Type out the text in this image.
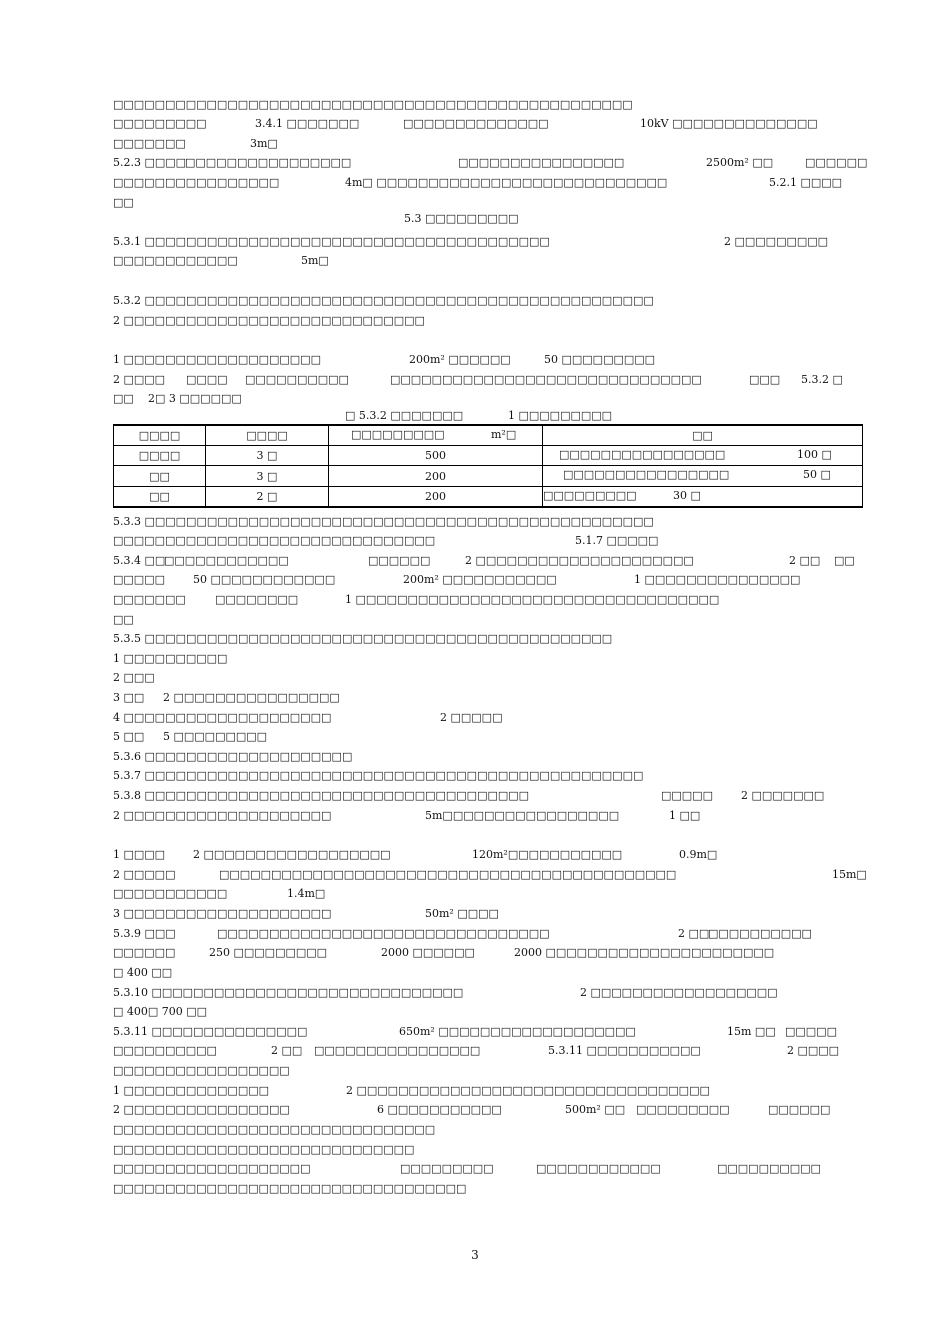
5.3 □□□□□□□□□
□ 5.3.2 □□□□□□□	1 □□□□□□□□□
□□□□	□□□□	□□□□□□□□□ m²□	□□
□□□□	3 □	500	□□□□□□□□□□□□□□□□ 100 □

□□	3 □	200	□□□□□□□□□□□□□□□□ 50 □

□□	2 □	200	□□□□□□□□□ 30 □
3
□□□□□□□□□□□□□□□□□□□□□□□□□□□□□□□□□□□□□□□□□□□□□□□□□□
□□□□□□□□□	3.4.1 □□□□□□□	□□□□□□□□□□□□□□	10kV □□□□□□□□□□□□□□
□□□□□□□	3m□
5.2.3 □□□□
□□□□□□□□□□□□□□□□	□□□□□□□□□□□□□□□□	2500m² □□	□□□□□□
□□□□□□□□□□□□□□□□	4m□ □□□□□□□□□□□□□□□□□□□□□□□□□□□□	5.2.1 □□□□
□□
5.3.1 □□□□□□□□□□□□□□□□□□□□□□□□□□□□□□□□□□□□□□□	2 □□□□□□□□□
□□□□□□□□□□□□	5m□
5.3.2 □□□□□□□□□□□□□□□□□□□□□□□□□□□□□□□□□□□□□□□□□□□□□□□□□
2 □□□□□□□□□□□□□□□□□□□□□□□□□□□□□
1 □□□□□□□□□□□□□□□□□□□	200m² □□□□□□	50 □□□□□□□□□
2 □□□□ □□□□ □□□□□□□□□□	□□□□□□□□□□□□□□□□□□□□□□□□□□□□□□	□□□ 5.3.2 □
□□ 2□ 3 □□□□□□
5.3.3 □□□□□□□□□□□□□□□□□□□□□□□□□□□□□□□□□□□□□□□□□□□□□□□□□
□□□□□□□□□□□□□□□□□□□□□□□□□□□□□□□	5.1.7 □□□□□
5.3.4 □□
□□□□□□□□□□□□	□□□□□□	2 □□□□□□□□□□□□□□□□□□□□□	2 □□ □□
□□□□□	50 □□□□□□□□□□□□	200m² □□□□□□□□□□□	1 □□□□□□□□□□□□□□□
□□□□□□□	□□□□□□□□	1 □□□□□□□□□□□□□□□□□□□□□□□□□□□□□□□□□□□
□□
5.3.5 □□□□□□□□□□□□□□□□□□□□□□□□□□□□□□□□□□□□□□□□□□□□□
1 □□□□□□□□□□
2 □□□
3 □□ 2 □□□□□□□□□□□□□□□□
4 □□□□□□□□□□□□□□□□□□□□	2 □□□□□
5 □□ 5 □□□□□□□□□
5.3.6 □□□□□□□□□□□□□□□□□□□□
5.3.7 □□□□□□□□□□□□□□□□□□□□□□□□□□□□□□□□□□□□□□□□□□□□□□□□
5.3.8 □□□□□□□□□□□□□□□□□□□□□□□□□□□□□□□□□□□□□	□□□□□	2 □□□□□□□
2 □□□□□□□□□□□□□□□□□□□□	5m□□□□□□□□□□□□□□□□□	1 □□
1 □□□□	2 □□□□□□□□□□□□□□□□□□	120m²□□□□□□□□□□□	0.9m□
2 □□□□□	□□□□□□□□□□□□□□□□□□□□□□□□□□□□□□□□□□□□□□□□□□□□	15m□
□□□□□□□□□□□	1.4m□
3 □□□□□□□□□□□□□□□□□□□□	50m² □□□□
5.3.9 □□□	□□□□□□□□□□□□□□□□□□□□□□□□□□□□□□□□	2 □□
□□□□□□□□□□
□□□□□□	250 □□□□□□□□□	2000 □□□□□□	2000 □□□□□□□□□□□□□□□□□□□□□□
□ 400 □□
5.3.10 □□□□□□□□□□□□□□□□□□□□□□□□□□□□□□	2 □□□□□□□□□□□□□□□□□□
□ 400□ 700 □□
5.3.11 □□□□□□□□□□□□□□□	650m² □□□□□□□□□□□□□□□□□□□	15m □□ □□□□□
□□□□□□□□□□	2 □□ □□□□□□□□□□□□□□□□	5.3.11 □□□□□□□□□□□	2 □□□□
□□□□□□□□□□□□□□□□□
1 □□□□□□□□□□□□□□	2 □□□□□□□□□□□□□□□□□□□□□□□□□□□□□□□□□□
2 □□□□□□□□□□□□□□□□	6 □□□□□□□□□□□	500m² □□ □□□□□□□□□	□□□□□□
□□□□□□□□□□□□□□□□□□□□□□□□□□□□□□□
□□□□□□□□□□□□□□□□□□□□□□□□□□□□□
□□□□□□□□□□□□□□□□□□□	□□□□□□□□□	□□□□□□□□□□□□	□□□□□□□□□□
□□□□□□□□□□□□□□□□□□□□□□□□□□□□□□□□□□
